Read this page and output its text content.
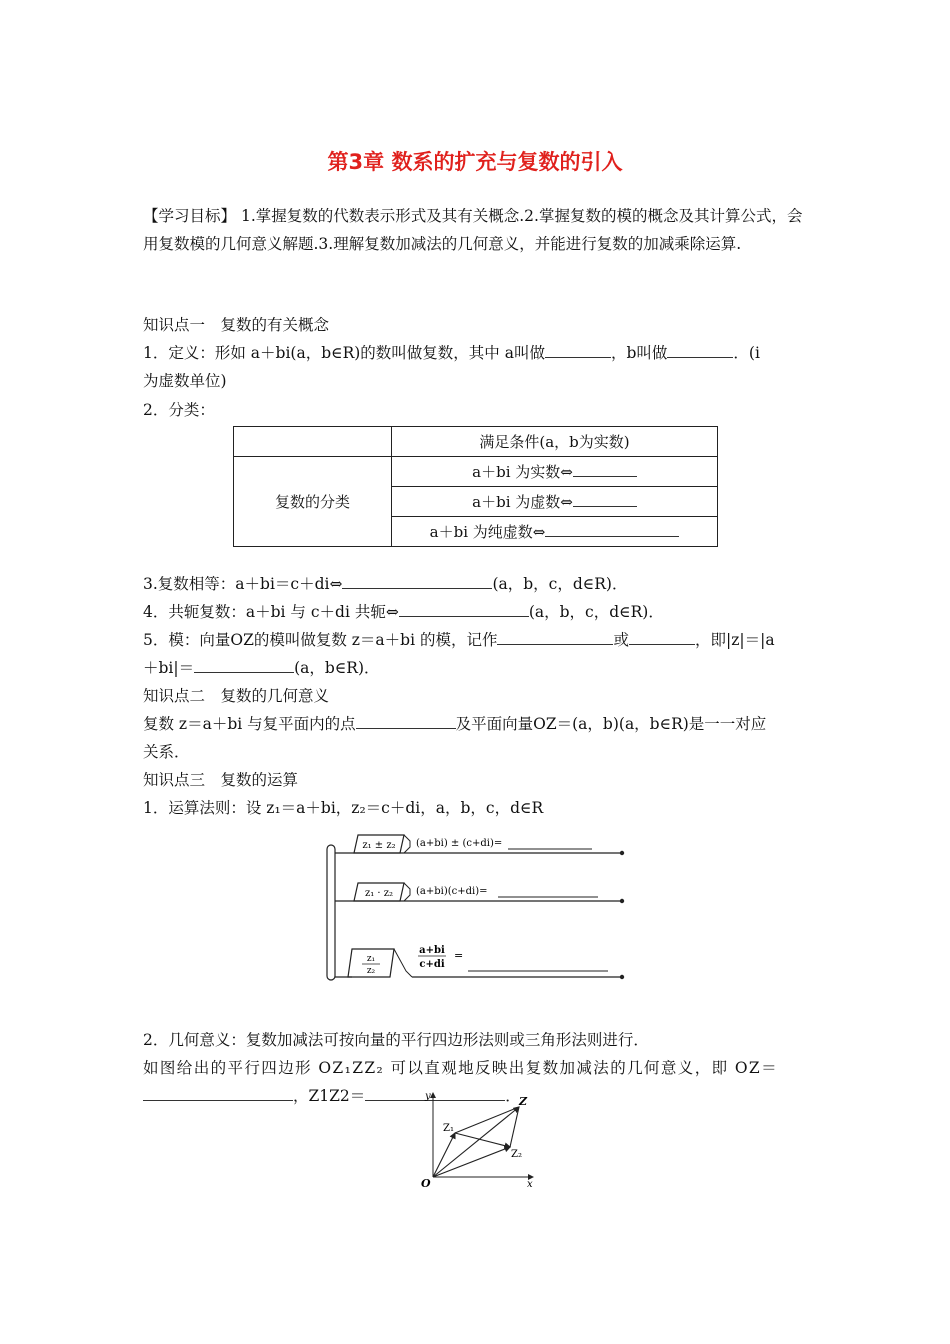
第3章 数系的扩充与复数的引入
【学习目标】 1.掌握复数的代数表示形式及其有关概念.2.掌握复数的模的概念及其计算公式，会用复数模的几何意义解题.3.理解复数加减法的几何意义，并能进行复数的加减乘除运算.
知识点一　复数的有关概念
1．定义：形如 a＋bi(a，b∈R)的数叫做复数，其中 a叫做	，b叫做	．(i
为虚数单位)
2．分类：
	满足条件(a，b为实数)
复数的分类	a＋bi 为实数⇔
	a＋bi 为虚数⇔
	a＋bi 为纯虚数⇔
3.复数相等：a＋bi＝c＋di⇔	(a，b，c，d∈R)．
4．共轭复数：a＋bi 与 c＋di 共轭⇔	(a，b，c，d∈R)．
5．模：向量OZ的模叫做复数 z＝a＋bi 的模，记作	或	，即|z|＝|a
＋bi|＝	(a，b∈R)．
知识点二　复数的几何意义
复数 z＝a＋bi 与复平面内的点	及平面向量OZ＝(a，b)(a，b∈R)是一一对应
关系．
知识点三　复数的运算
1．运算法则：设 z₁＝a＋bi，z₂＝c＋di，a，b，c，d∈R
z₁ ± z₂ (a+bi) ± (c+di)=
z₁ · z₂ (a+bi)(c+di)=
z₁
z₂
a+bi
c+di
=
2．几何意义：复数加减法可按向量的平行四边形法则或三角形法则进行．
如图给出的平行四边形 OZ₁ZZ₂ 可以直观地反映出复数加减法的几何意义，即 OZ＝
，Z1Z2＝	．
y
x
O
Z
Z₁
Z₂
